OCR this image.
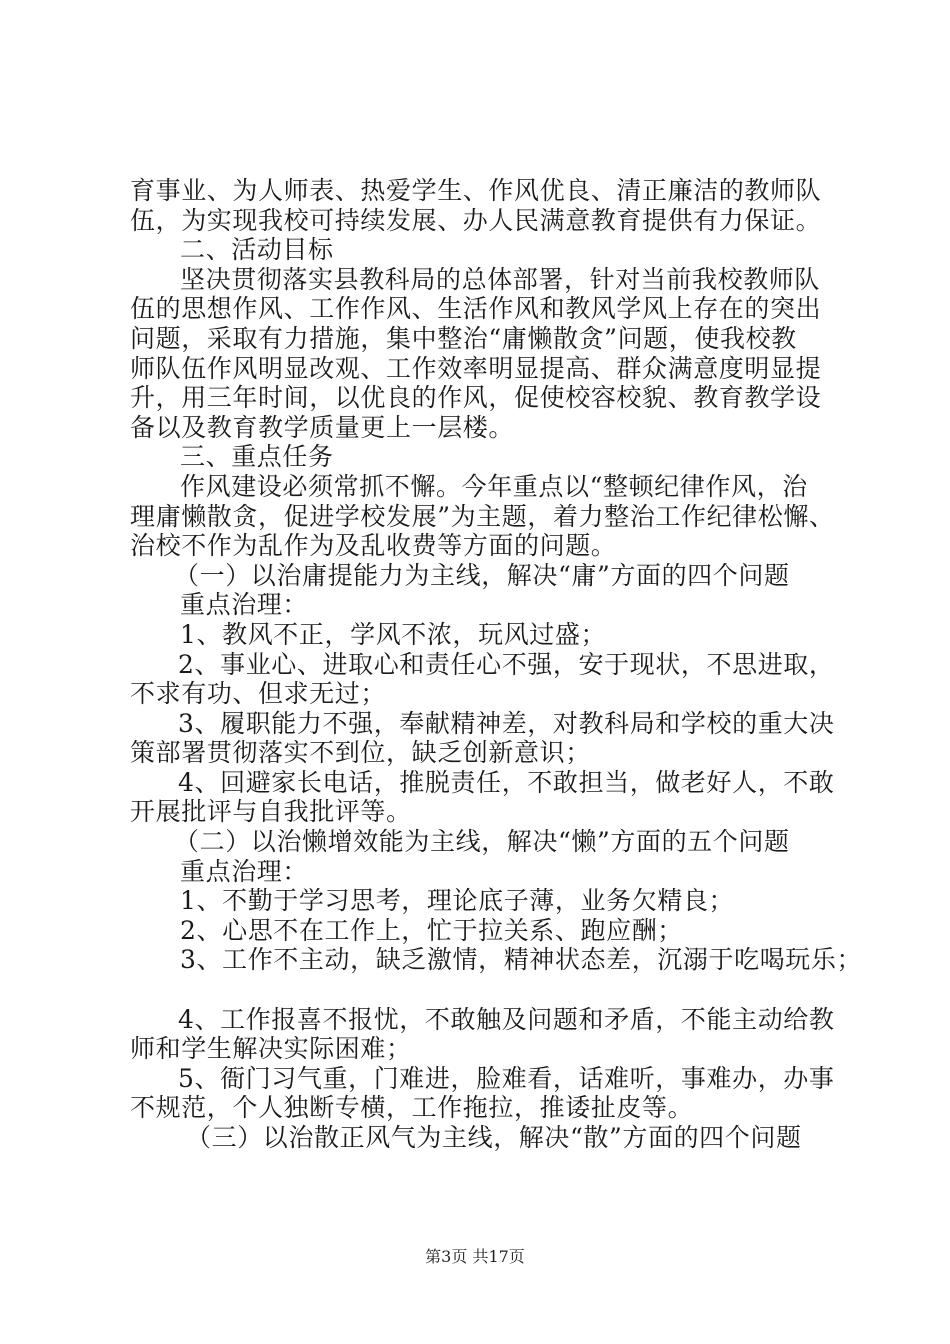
育事业、为人师表、热爱学生、作风优良、清正廉洁的教师队
伍，为实现我校可持续发展、办人民满意教育提供有力保证。
二、活动目标
坚决贯彻落实县教科局的总体部署，针对当前我校教师队
伍的思想作风、工作作风、生活作风和教风学风上存在的突出
问题，采取有力措施，集中整治“庸懒散贪”问题，使我校教
师队伍作风明显改观、工作效率明显提高、群众满意度明显提
升，用三年时间，以优良的作风，促使校容校貌、教育教学设
备以及教育教学质量更上一层楼。
三、重点任务
作风建设必须常抓不懈。今年重点以“整顿纪律作风，治
理庸懒散贪，促进学校发展”为主题，着力整治工作纪律松懈、
治校不作为乱作为及乱收费等方面的问题。
（一）以治庸提能力为主线，解决“庸”方面的四个问题
重点治理：
1、教风不正，学风不浓，玩风过盛；
2、事业心、进取心和责任心不强，安于现状，不思进取，
不求有功、但求无过；
3、履职能力不强，奉献精神差，对教科局和学校的重大决
策部署贯彻落实不到位，缺乏创新意识；
4、回避家长电话，推脱责任，不敢担当，做老好人，不敢
开展批评与自我批评等。
（二）以治懒增效能为主线，解决“懒”方面的五个问题
重点治理：
1、不勤于学习思考，理论底子薄，业务欠精良；
2、心思不在工作上，忙于拉关系、跑应酬；
3、工作不主动，缺乏激情，精神状态差，沉溺于吃喝玩乐；
4、工作报喜不报忧，不敢触及问题和矛盾，不能主动给教
师和学生解决实际困难；
5、衙门习气重，门难进，脸难看，话难听，事难办，办事
不规范，个人独断专横，工作拖拉，推诿扯皮等。
（三）以治散正风气为主线，解决“散”方面的四个问题
第3页 共17页
